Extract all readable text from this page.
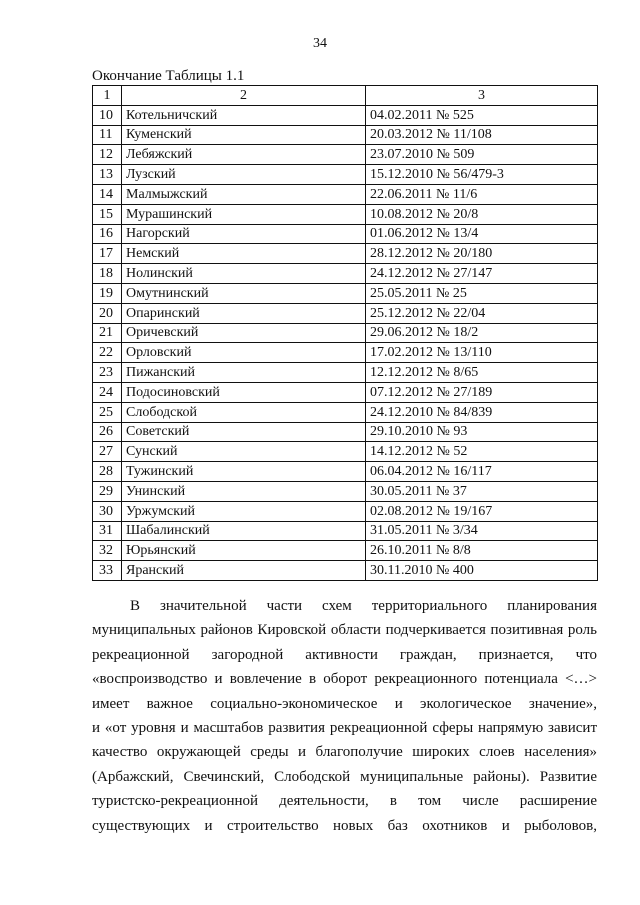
34
Окончание Таблицы 1.1
1	2	3
10	Котельничский	04.02.2011 № 525
11	Куменский	20.03.2012 № 11/108
12	Лебяжский	23.07.2010 № 509
13	Лузский	15.12.2010 № 56/479-3
14	Малмыжский	22.06.2011 № 11/6
15	Мурашинский	10.08.2012 № 20/8
16	Нагорский	01.06.2012 № 13/4
17	Немский	28.12.2012 № 20/180
18	Нолинский	24.12.2012 № 27/147
19	Омутнинский	25.05.2011 № 25
20	Опаринский	25.12.2012 № 22/04
21	Оричевский	29.06.2012 № 18/2
22	Орловский	17.02.2012 № 13/110
23	Пижанский	12.12.2012 № 8/65
24	Подосиновский	07.12.2012 № 27/189
25	Слободской	24.12.2010 № 84/839
26	Советский	29.10.2010 № 93
27	Сунский	14.12.2012 № 52
28	Тужинский	06.04.2012 № 16/117
29	Унинский	30.05.2011 № 37
30	Уржумский	02.08.2012 № 19/167
31	Шабалинский	31.05.2011 № 3/34
32	Юрьянский	26.10.2011 № 8/8
33	Яранский	30.11.2010 № 400
В значительной части схем территориального планирования
муниципальных районов Кировской области подчеркивается позитивная роль
рекреационной загородной активности граждан, признается, что
«воспроизводство и вовлечение в оборот рекреационного потенциала <…>
имеет важное социально-экономическое и экологическое значение»,
и «от уровня и масштабов развития рекреационной сферы напрямую зависит
качество окружающей среды и благополучие широких слоев населения»
(Арбажский, Свечинский, Слободской муниципальные районы). Развитие
туристско-рекреационной деятельности, в том числе расширение
существующих и строительство новых баз охотников и рыболовов,
